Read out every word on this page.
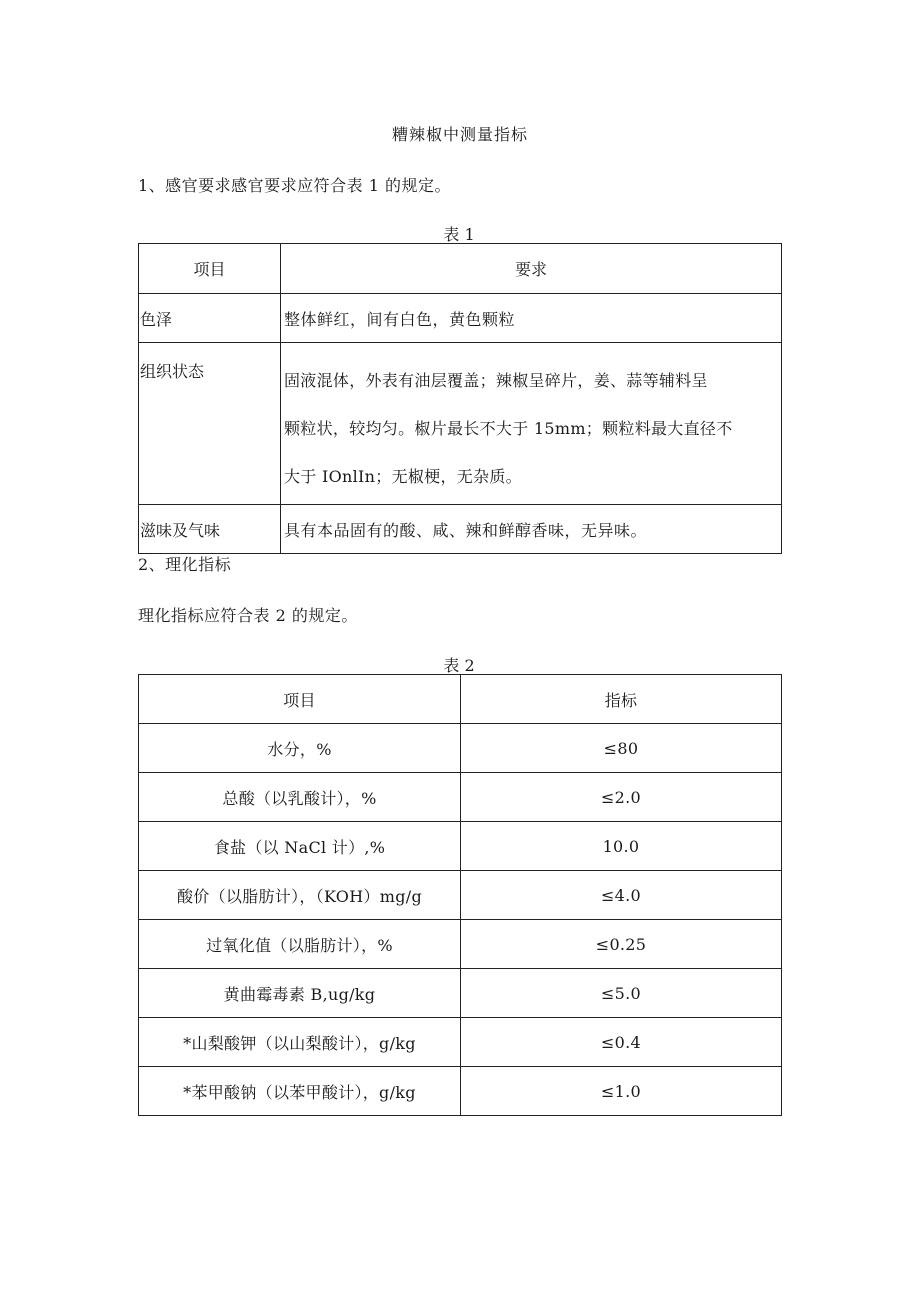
糟辣椒中测量指标
1、感官要求感官要求应符合表 1 的规定。
表 1
项目	要求
色泽	整体鲜红，间有白色，黄色颗粒
组织状态	固液混体，外表有油层覆盖；辣椒呈碎片，姜、蒜等辅料呈
颗粒状，较均匀。椒片最长不大于 15mm；颗粒料最大直径不
大于 IOnlIn；无椒梗，无杂质。

滋味及气味	具有本品固有的酸、咸、辣和鲜醇香味，无异味。
2、理化指标
理化指标应符合表 2 的规定。
表 2
项目	指标
水分，%	≤80
总酸（以乳酸计），%	≤2.0
食盐（以 NaCl 计）,%	10.0
酸价（以脂肪计），（KOH）mg/g	≤4.0
过氧化值（以脂肪计），%	≤0.25
黄曲霉毒素 B,ug/kg	≤5.0
*山梨酸钾（以山梨酸计），g/kg	≤0.4
*苯甲酸钠（以苯甲酸计），g/kg	≤1.0
